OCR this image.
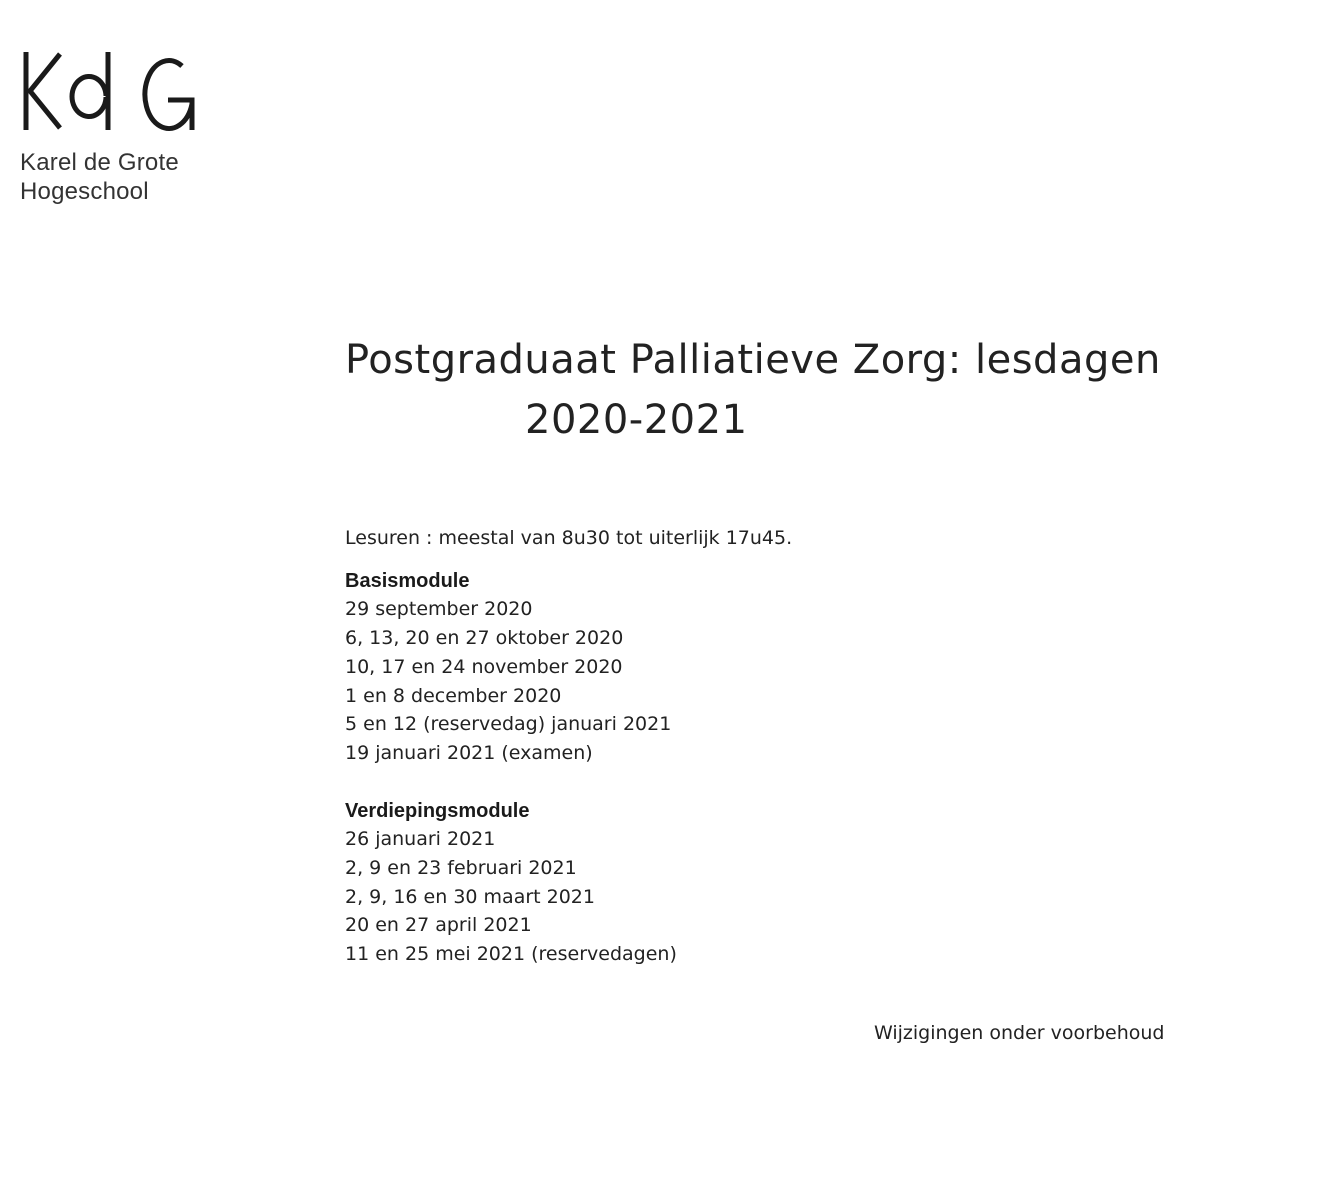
Karel de Grote
Hogeschool
Postgraduaat Palliatieve Zorg: lesdagen
2020-2021

Lesuren : meestal van 8u30 tot uiterlijk 17u45.

Basismodule
29 september 2020
6, 13, 20 en 27 oktober 2020
10, 17 en 24 november 2020
1 en 8 december 2020
5 en 12 (reservedag) januari 2021
19 januari 2021 (examen)
Verdiepingsmodule
26 januari 2021
2, 9 en 23 februari 2021
2, 9, 16 en 30 maart 2021
20 en 27 april 2021
11 en 25 mei 2021 (reservedagen)

Wijzigingen onder voorbehoud
